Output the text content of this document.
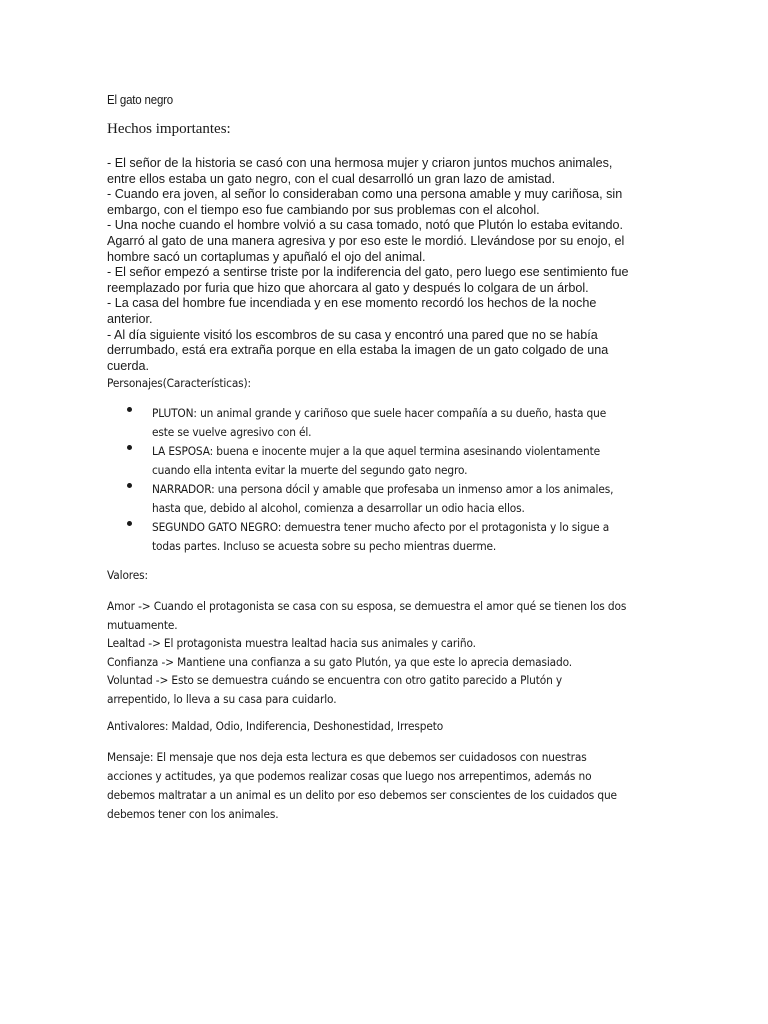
El gato negro
Hechos importantes:
- El señor de la historia se casó con una hermosa mujer y criaron juntos muchos animales,
entre ellos estaba un gato negro, con el cual desarrolló un gran lazo de amistad.
- Cuando era joven, al señor lo consideraban como una persona amable y muy cariñosa, sin
embargo, con el tiempo eso fue cambiando por sus problemas con el alcohol.
- Una noche cuando el hombre volvió a su casa tomado, notó que Plutón lo estaba evitando.
Agarró al gato de una manera agresiva y por eso este le mordió. Llevándose por su enojo, el
hombre sacó un cortaplumas y apuñaló el ojo del animal.
- El señor empezó a sentirse triste por la indiferencia del gato, pero luego ese sentimiento fue
reemplazado por furia que hizo que ahorcara al gato y después lo colgara de un árbol.
- La casa del hombre fue incendiada y en ese momento recordó los hechos de la noche
anterior.
- Al día siguiente visitó los escombros de su casa y encontró una pared que no se había
derrumbado, está era extraña porque en ella estaba la imagen de un gato colgado de una
cuerda.
Personajes(Características):
PLUTON: un animal grande y cariñoso que suele hacer compañía a su dueño, hasta que
este se vuelve agresivo con él.
LA ESPOSA: buena e inocente mujer a la que aquel termina asesinando violentamente
cuando ella intenta evitar la muerte del segundo gato negro.
NARRADOR: una persona dócil y amable que profesaba un inmenso amor a los animales,
hasta que, debido al alcohol, comienza a desarrollar un odio hacia ellos.
SEGUNDO GATO NEGRO: demuestra tener mucho afecto por el protagonista y lo sigue a
todas partes. Incluso se acuesta sobre su pecho mientras duerme.
Valores:
Amor -> Cuando el protagonista se casa con su esposa, se demuestra el amor qué se tienen los dos
mutuamente.
Lealtad -> El protagonista muestra lealtad hacia sus animales y cariño.
Confianza -> Mantiene una confianza a su gato Plutón, ya que este lo aprecia demasiado.
Voluntad -> Esto se demuestra cuándo se encuentra con otro gatito parecido a Plutón y
arrepentido, lo lleva a su casa para cuidarlo.
Antivalores: Maldad, Odio, Indiferencia, Deshonestidad, Irrespeto
Mensaje: El mensaje que nos deja esta lectura es que debemos ser cuidadosos con nuestras
acciones y actitudes, ya que podemos realizar cosas que luego nos arrepentimos, además no
debemos maltratar a un animal es un delito por eso debemos ser conscientes de los cuidados que
debemos tener con los animales.
